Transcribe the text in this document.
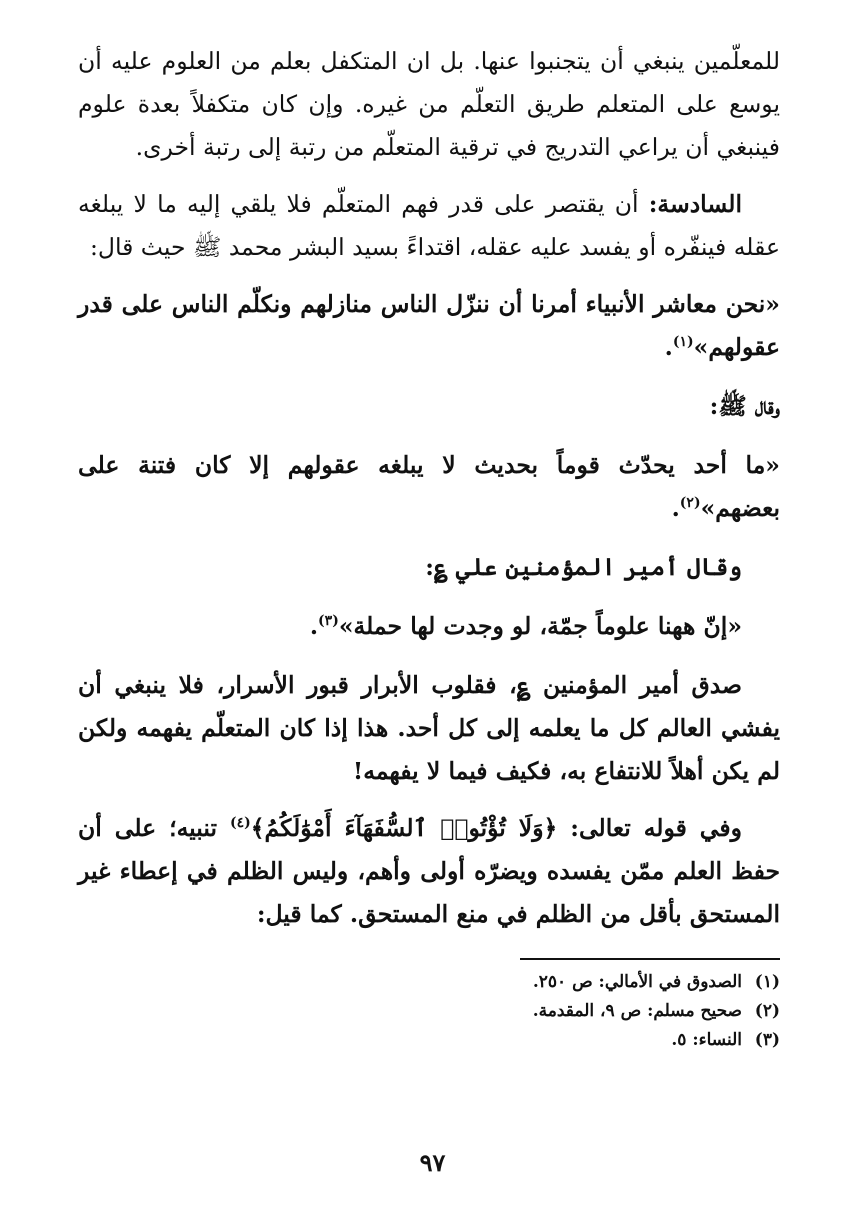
للمعلّمين ينبغي أن يتجنبوا عنها. بل ان المتكفل بعلم من العلوم عليه أن يوسع على المتعلم طريق التعلّم من غيره. وإن كان متكفلاً بعدة علوم فينبغي أن يراعي التدريج في ترقية المتعلّم من رتبة إلى رتبة أخرى.

السادسة: أن يقتصر على قدر فهم المتعلّم فلا يلقي إليه ما لا يبلغه عقله فينفّره أو يفسد عليه عقله، اقتداءً بسيد البشر محمد ﷺ حيث قال:

«نحن معاشر الأنبياء أمرنا أن ننزّل الناس منازلهم ونكلّم الناس على قدر عقولهم»$^{(١)}$.

وقال ﷺ:

«ما أحد يحدّث قوماً بحديث لا يبلغه عقولهم إلا كان فتنة على بعضهم»$^{(٢)}$.

وقال أمير المؤمنين علي ؏:

«إنّ ههنا علوماً جمّة، لو وجدت لها حملة»$^{(٣)}$.

صدق أمير المؤمنين ؏، فقلوب الأبرار قبور الأسرار، فلا ينبغي أن يفشي العالم كل ما يعلمه إلى كل أحد. هذا إذا كان المتعلّم يفهمه ولكن لم يكن أهلاً للانتفاع به، فكيف فيما لا يفهمه!

وفي قوله تعالى: ﴿وَلَا تُؤْتُوا۟ ٱلسُّفَهَآءَ أَمْوَٰلَكُمُ﴾$^{(٤)}$ تنبيه؛ على أن حفظ العلم ممّن يفسده ويضرّه أولى وأهم، وليس الظلم في إعطاء غير المستحق بأقل من الظلم في منع المستحق. كما قيل:

(١)الصدوق في الأمالي: ص ٢٥٠.

(٢)صحيح مسلم: ص ٩، المقدمة.

(٣)النساء: ٥.

٩٧
